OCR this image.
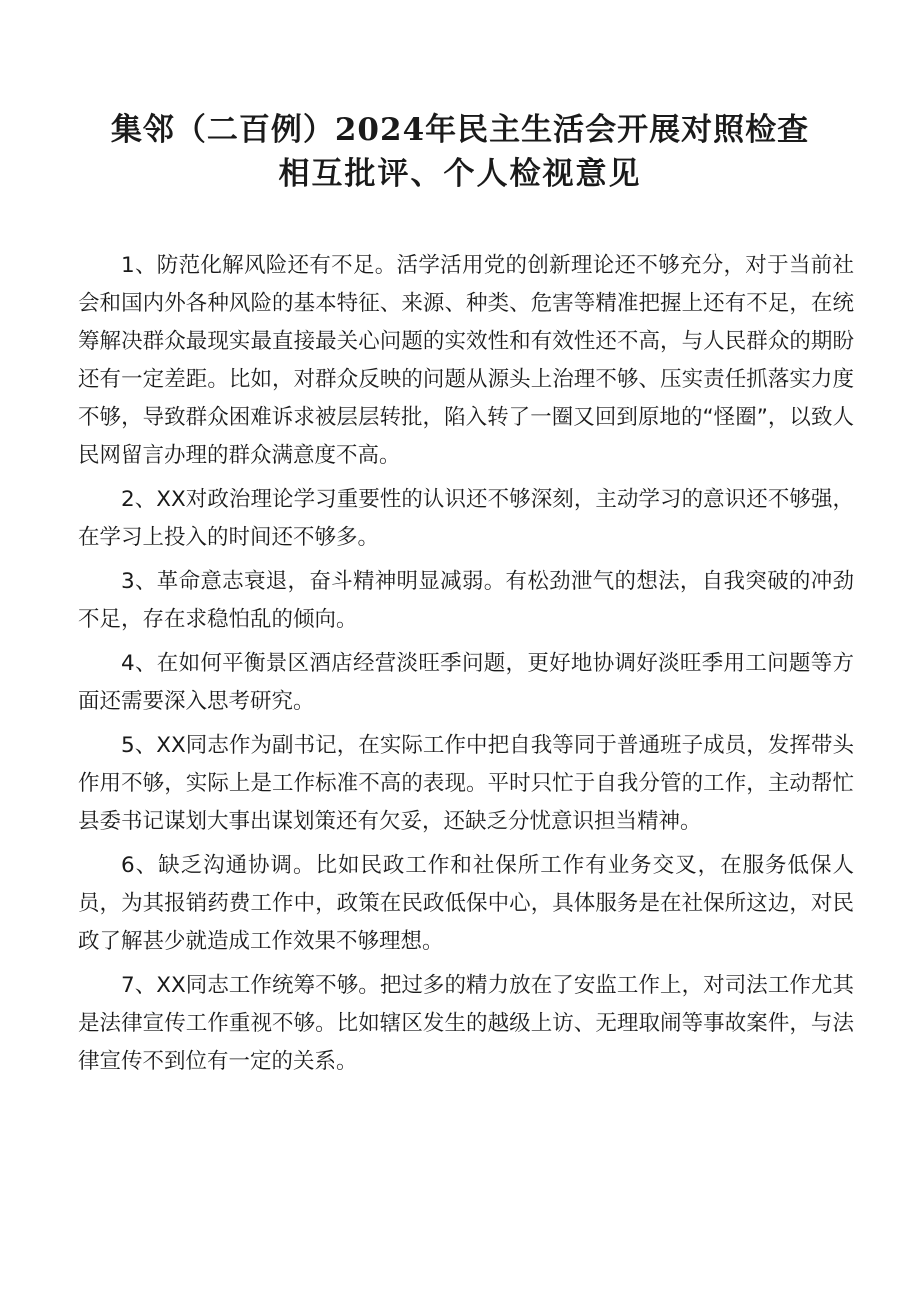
集邻（二百例）2024年民主生活会开展对照检查
相互批评、个人检视意见

1、防范化解风险还有不足。活学活用党的创新理论还不够充分，对于当前社会和国内外各种风险的基本特征、来源、种类、危害等精准把握上还有不足，在统筹解决群众最现实最直接最关心问题的实效性和有效性还不高，与人民群众的期盼还有一定差距。比如，对群众反映的问题从源头上治理不够、压实责任抓落实力度不够，导致群众困难诉求被层层转批，陷入转了一圈又回到原地的“怪圈”，以致人民网留言办理的群众满意度不高。

2、XX对政治理论学习重要性的认识还不够深刻，主动学习的意识还不够强，在学习上投入的时间还不够多。

3、革命意志衰退，奋斗精神明显减弱。有松劲泄气的想法，自我突破的冲劲不足，存在求稳怕乱的倾向。

4、在如何平衡景区酒店经营淡旺季问题，更好地协调好淡旺季用工问题等方面还需要深入思考研究。

5、XX同志作为副书记，在实际工作中把自我等同于普通班子成员，发挥带头作用不够，实际上是工作标准不高的表现。平时只忙于自我分管的工作，主动帮忙县委书记谋划大事出谋划策还有欠妥，还缺乏分忧意识担当精神。

6、缺乏沟通协调。比如民政工作和社保所工作有业务交叉，在服务低保人员，为其报销药费工作中，政策在民政低保中心，具体服务是在社保所这边，对民政了解甚少就造成工作效果不够理想。

7、XX同志工作统筹不够。把过多的精力放在了安监工作上，对司法工作尤其是法律宣传工作重视不够。比如辖区发生的越级上访、无理取闹等事故案件，与法律宣传不到位有一定的关系。
